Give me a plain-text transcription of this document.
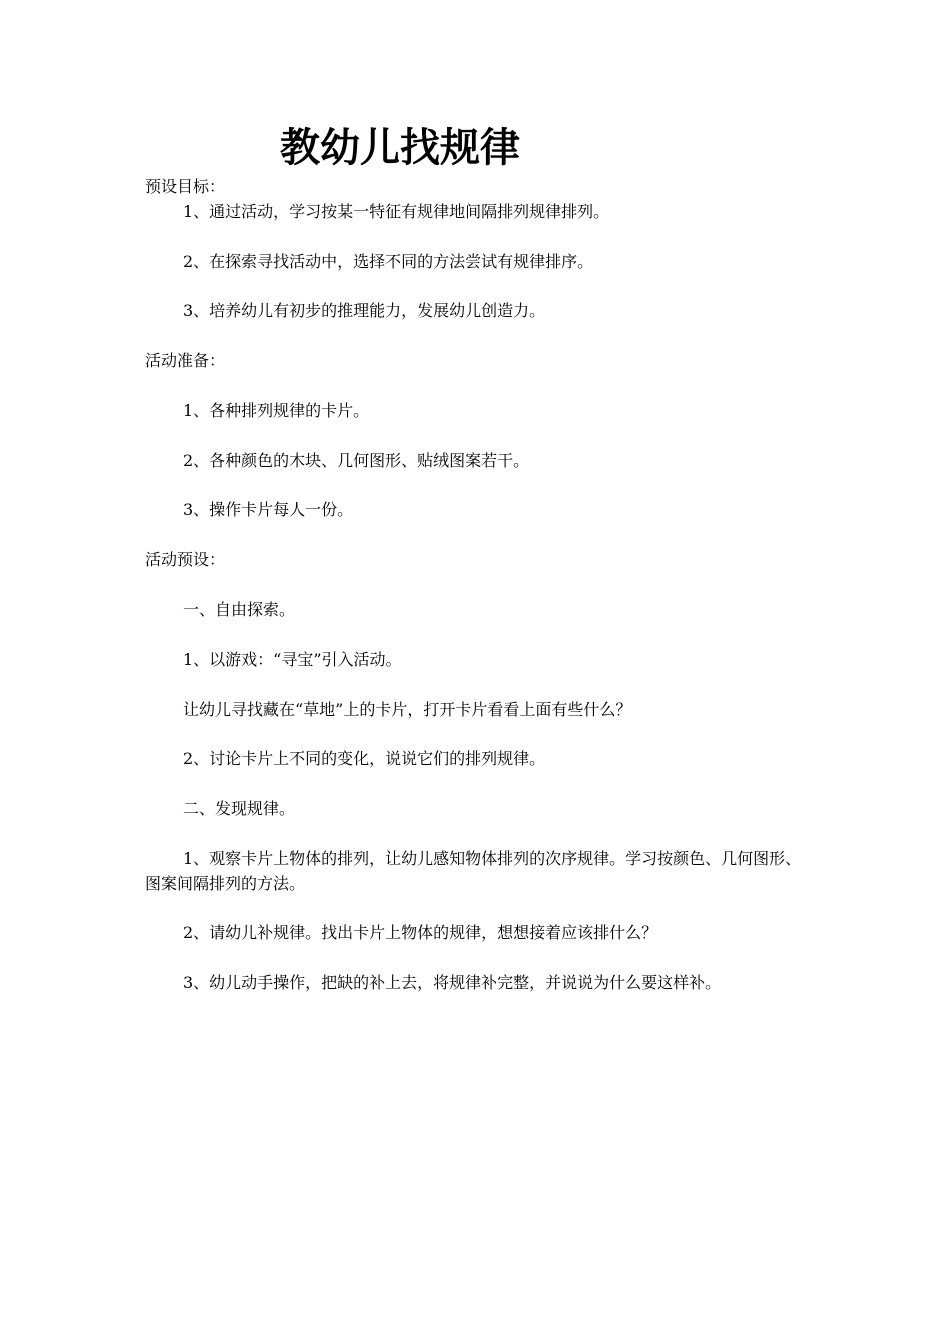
教幼儿找规律

预设目标：

1、通过活动，学习按某一特征有规律地间隔排列规律排列。

2、在探索寻找活动中，选择不同的方法尝试有规律排序。

3、培养幼儿有初步的推理能力，发展幼儿创造力。

活动准备：

1、各种排列规律的卡片。

2、各种颜色的木块、几何图形、贴绒图案若干。

3、操作卡片每人一份。

活动预设：

一、自由探索。

1、以游戏：“寻宝”引入活动。

让幼儿寻找藏在“草地”上的卡片，打开卡片看看上面有些什么？

2、讨论卡片上不同的变化，说说它们的排列规律。

二、发现规律。

1、观察卡片上物体的排列，让幼儿感知物体排列的次序规律。学习按颜色、几何图形、图案间隔排列的方法。

2、请幼儿补规律。找出卡片上物体的规律，想想接着应该排什么？

3、幼儿动手操作，把缺的补上去，将规律补完整，并说说为什么要这样补。
